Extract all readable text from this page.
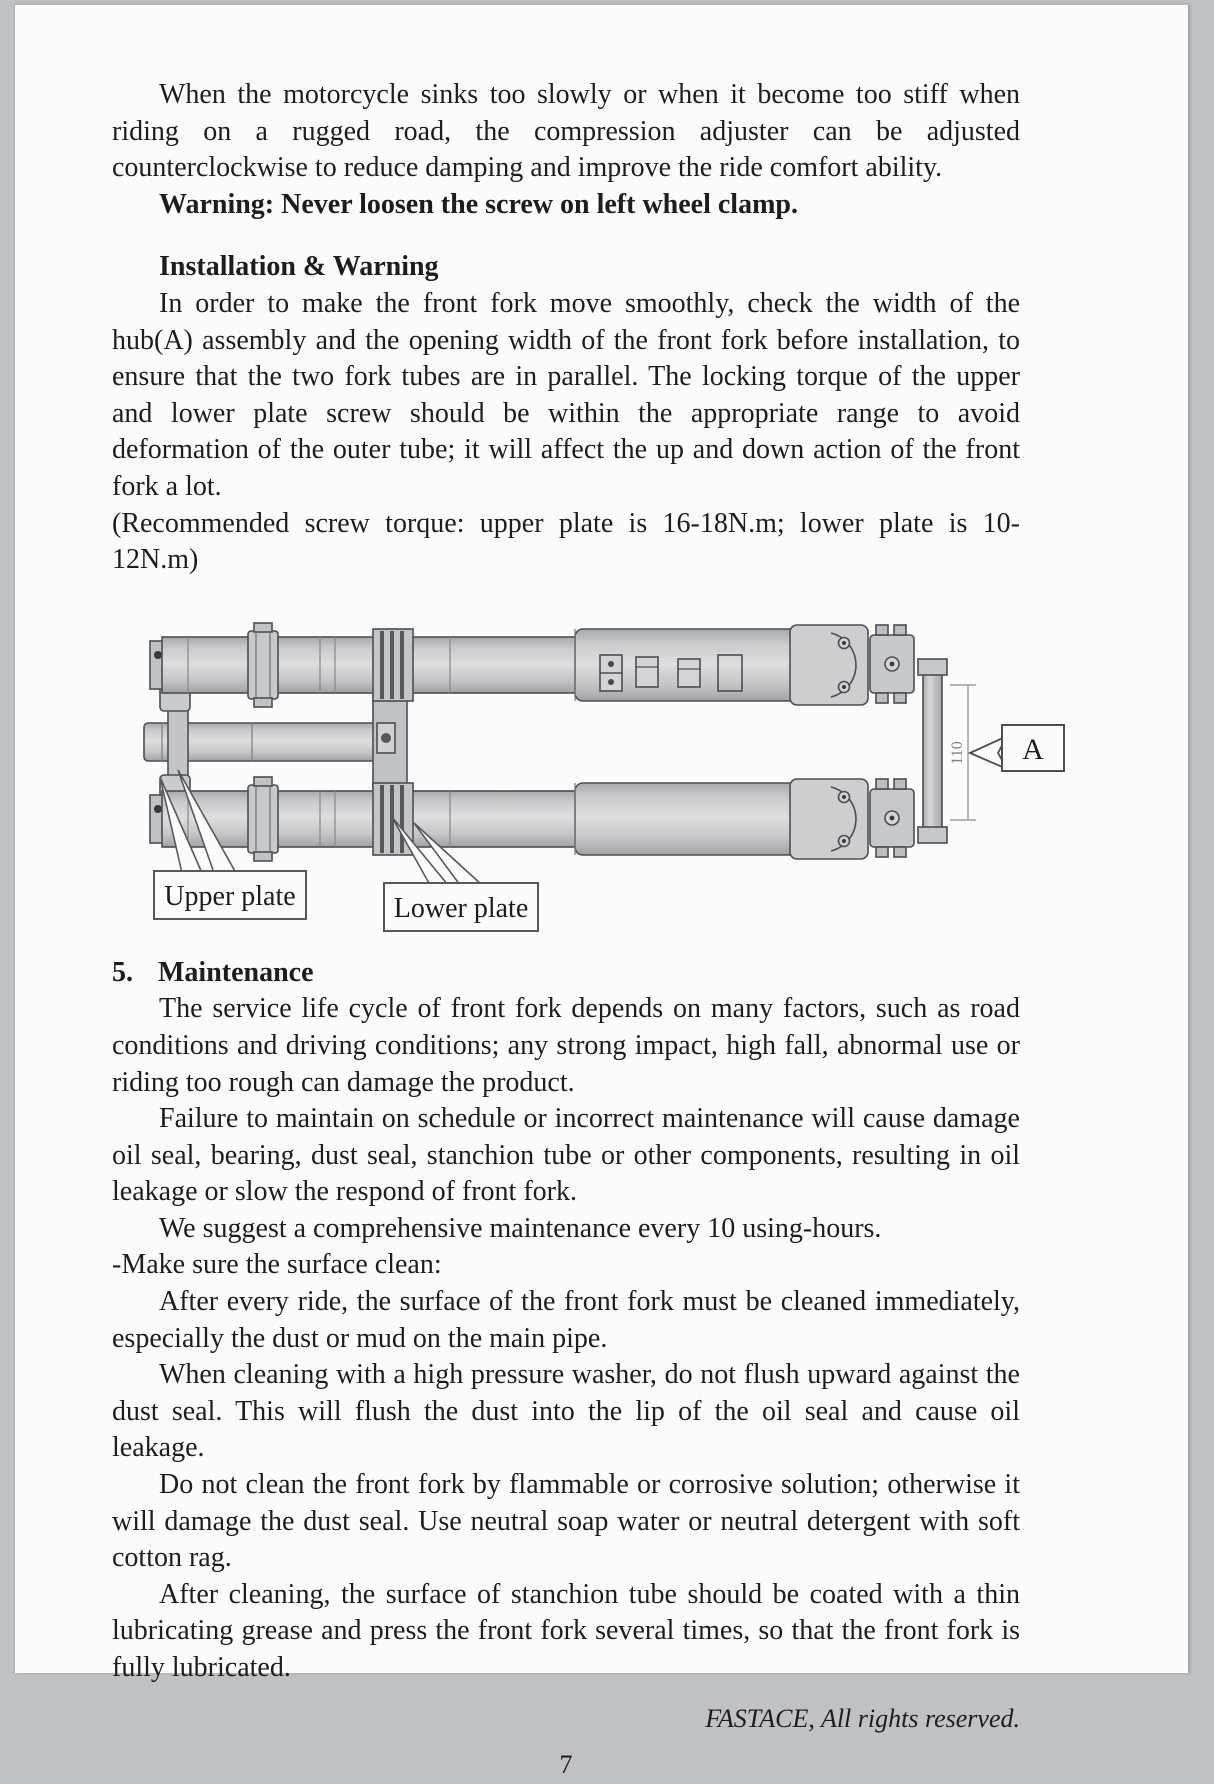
When the motorcycle sinks too slowly or when it become too stiff when riding on a rugged road, the compression adjuster can be adjusted counterclockwise to reduce damping and improve the ride comfort ability.

Warning: Never loosen the screw on left wheel clamp.

Installation & Warning

In order to make the front fork move smoothly, check the width of the hub(A) assembly and the opening width of the front fork before installation, to ensure that the two fork tubes are in parallel. The locking torque of the upper and lower plate screw should be within the appropriate range to avoid deformation of the outer tube; it will affect the up and down action of the front fork a lot.

(Recommended screw torque: upper plate is 16-18N.m; lower plate is 10-12N.m)

110 A
Upper plate	Lower plate

5. Maintenance

The service life cycle of front fork depends on many factors, such as road conditions and driving conditions; any strong impact, high fall, abnormal use or riding too rough can damage the product.

Failure to maintain on schedule or incorrect maintenance will cause damage oil seal, bearing, dust seal, stanchion tube or other components, resulting in oil leakage or slow the respond of front fork.

We suggest a comprehensive maintenance every 10 using-hours.

-Make sure the surface clean:

After every ride, the surface of the front fork must be cleaned immediately, especially the dust or mud on the main pipe.

When cleaning with a high pressure washer, do not flush upward against the dust seal. This will flush the dust into the lip of the oil seal and cause oil leakage.

Do not clean the front fork by flammable or corrosive solution; otherwise it will damage the dust seal. Use neutral soap water or neutral detergent with soft cotton rag.

After cleaning, the surface of stanchion tube should be coated with a thin lubricating grease and press the front fork several times, so that the front fork is fully lubricated.

FASTACE, All rights reserved.

7
